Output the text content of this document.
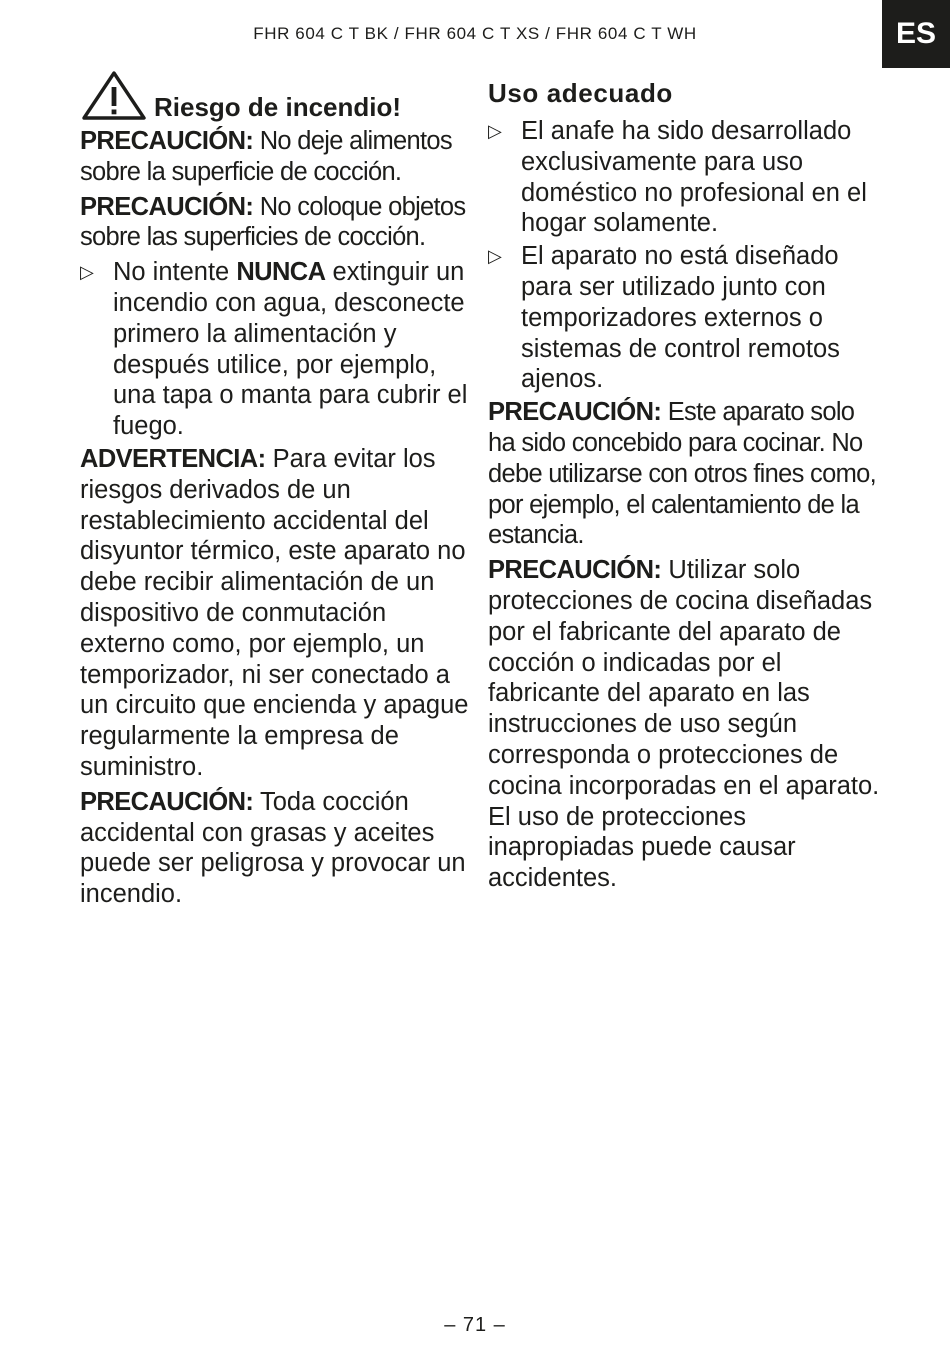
FHR 604 C T BK / FHR 604 C T XS / FHR 604 C T WH	ES
Riesgo de incendio!

PRECAUCIÓN: No deje alimentos sobre la superficie de cocción.

PRECAUCIÓN: No coloque objetos sobre las superficies de cocción.

▷ No intente NUNCA extinguir un incendio con agua, desconecte primero la alimentación y después utilice, por ejemplo, una tapa o manta para cubrir el fuego.

ADVERTENCIA: Para evitar los riesgos derivados de un restablecimiento accidental del disyuntor térmico, este aparato no debe recibir alimentación de un dispositivo de conmutación externo como, por ejemplo, un temporizador, ni ser conectado a un circuito que encienda y apague regularmente la empresa de suministro.

PRECAUCIÓN: Toda cocción accidental con grasas y aceites puede ser peligrosa y provocar un incendio.

Uso adecuado
▷ El anafe ha sido desarrollado exclusivamente para uso doméstico no profesional en el hogar solamente.
▷ El aparato no está diseñado para ser utilizado junto con temporizadores externos o sistemas de control remotos ajenos.

PRECAUCIÓN: Este aparato solo ha sido concebido para cocinar. No debe utilizarse con otros fines como, por ejemplo, el calentamiento de la estancia.

PRECAUCIÓN: Utilizar solo protecciones de cocina diseñadas por el fabricante del aparato de cocción o indicadas por el fabricante del aparato en las instrucciones de uso según corresponda o protecciones de cocina incorporadas en el aparato. El uso de protecciones inapropiadas puede causar accidentes.

– 71 –
